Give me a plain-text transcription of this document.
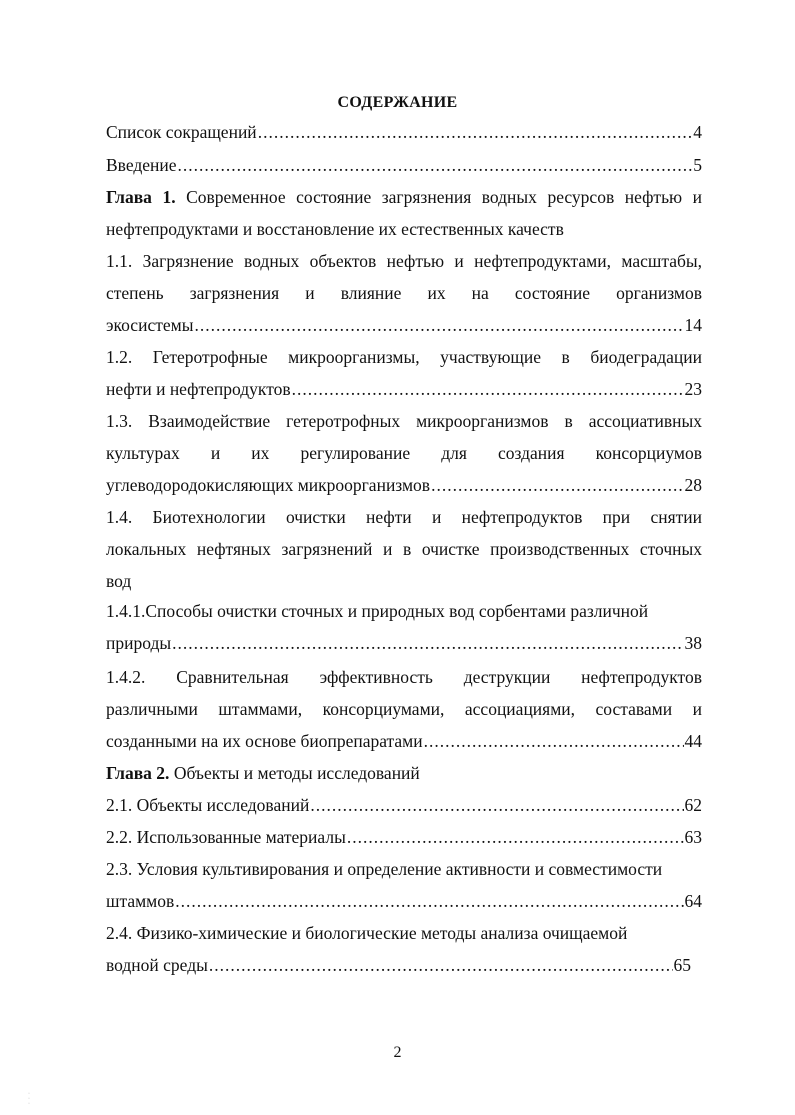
СОДЕРЖАНИЕ
Список сокращений .....	4
Введение .....	5
Глава 1. Современное состояние загрязнения водных ресурсов нефтью и
нефтепродуктами и восстановление их естественных качеств
1.1. Загрязнение водных объектов нефтью и нефтепродуктами, масштабы,
степень загрязнения и влияние их на состояние организмов
экосистемы .....	14
1.2. Гетеротрофные микроорганизмы, участвующие в биодеградации
нефти и нефтепродуктов .....	23
1.3. Взаимодействие гетеротрофных микроорганизмов в ассоциативных
культурах и их регулирование для создания консорциумов
углеводородокисляющих микроорганизмов .....	28
1.4. Биотехнологии очистки нефти и нефтепродуктов при снятии
локальных нефтяных загрязнений и в очистке производственных сточных
вод
1.4.1.Способы очистки сточных и природных вод сорбентами различной
природы .....	38
1.4.2. Сравнительная эффективность деструкции нефтепродуктов
различными штаммами, консорциумами, ассоциациями, составами и
созданными на их основе биопрепаратами .....	44
Глава 2. Объекты и методы исследований
2.1. Объекты исследований .....	62
2.2. Использованные материалы .....	63
2.3. Условия культивирования и определение активности и совместимости
штаммов .....	64
2.4. Физико-химические и биологические методы анализа очищаемой
водной среды .....	65
2
·
·
·
